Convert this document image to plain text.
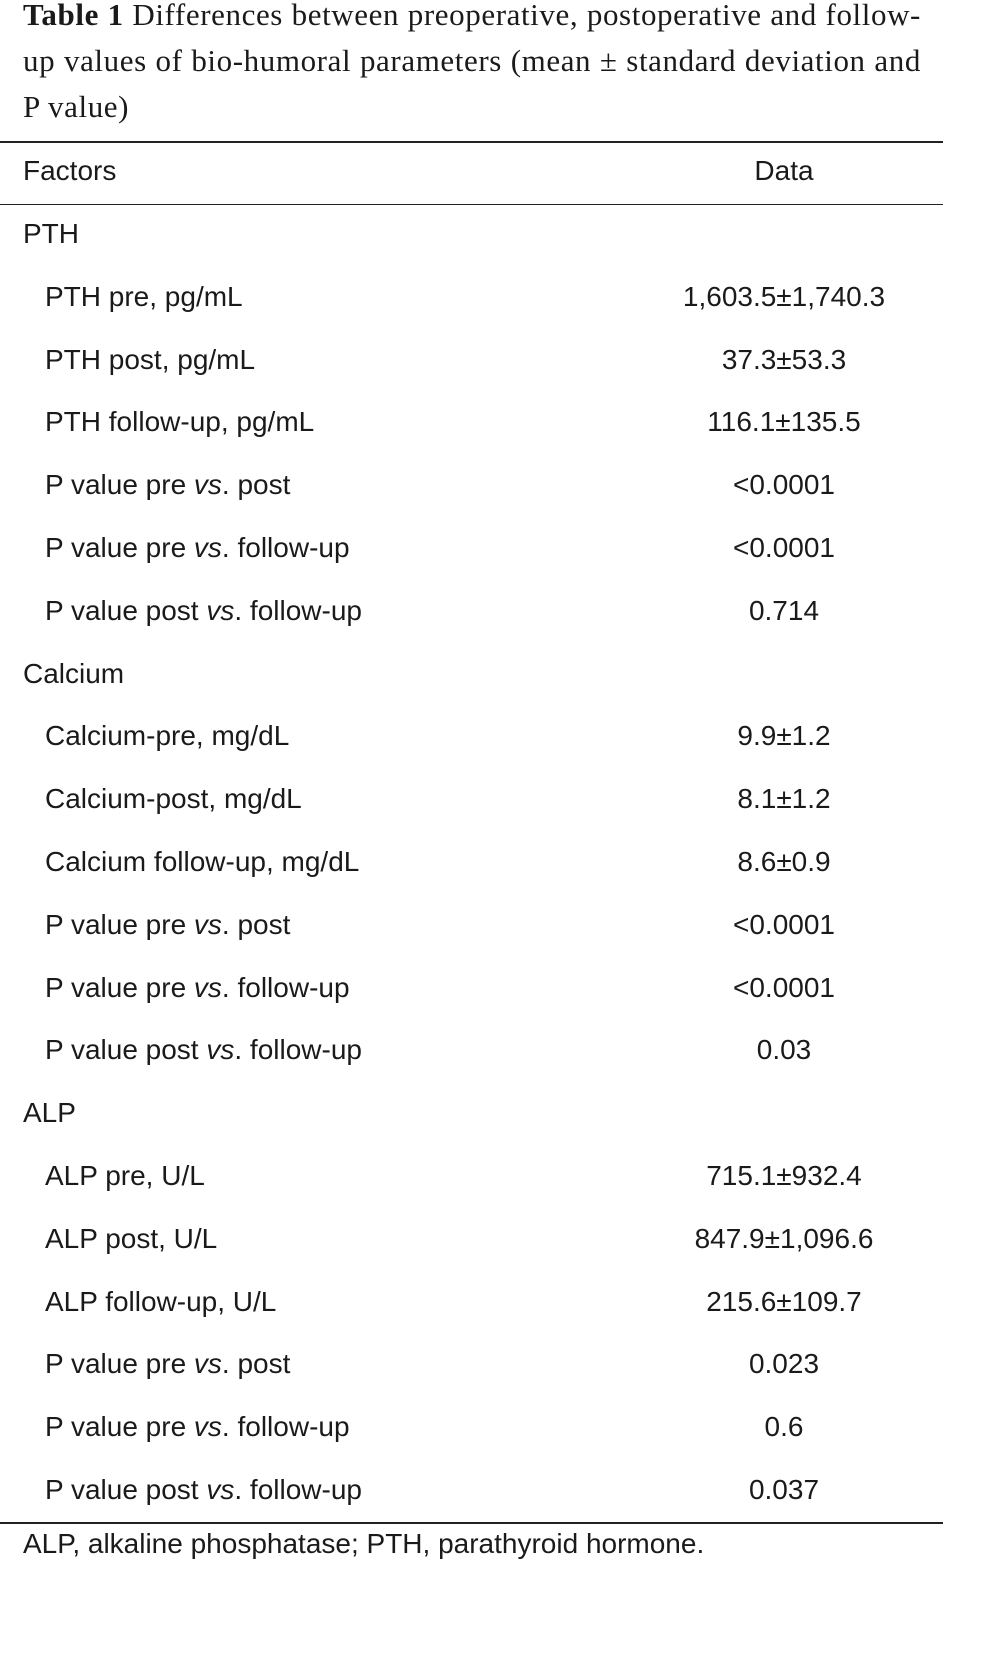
Table 1 Differences between preoperative, postoperative and follow-up values of bio-humoral parameters (mean ± standard deviation and P value)
Factors	Data
PTH
PTH pre, pg/mL	1,603.5±1,740.3
PTH post, pg/mL	37.3±53.3
PTH follow-up, pg/mL	116.1±135.5
P value pre vs. post	<0.0001
P value pre vs. follow-up	<0.0001
P value post vs. follow-up	0.714
Calcium
Calcium-pre, mg/dL	9.9±1.2
Calcium-post, mg/dL	8.1±1.2
Calcium follow-up, mg/dL	8.6±0.9
P value pre vs. post	<0.0001
P value pre vs. follow-up	<0.0001
P value post vs. follow-up	0.03
ALP
ALP pre, U/L	715.1±932.4
ALP post, U/L	847.9±1,096.6
ALP follow-up, U/L	215.6±109.7
P value pre vs. post	0.023
P value pre vs. follow-up	0.6
P value post vs. follow-up	0.037
ALP, alkaline phosphatase; PTH, parathyroid hormone.
